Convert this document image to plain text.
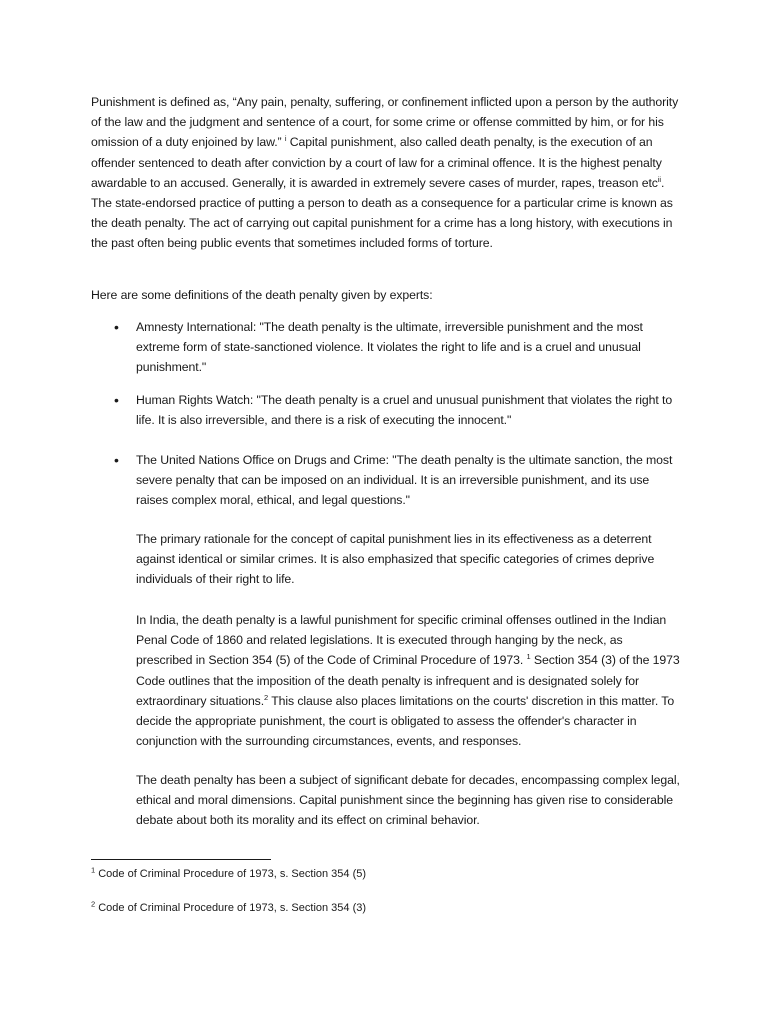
Punishment is defined as, “Any pain, penalty, suffering, or confinement inflicted upon a person by the authority of the law and the judgment and sentence of a court, for some crime or offense committed by him, or for his omission of a duty enjoined by law.” $^i$ Capital punishment, also called death penalty, is the execution of an offender sentenced to death after conviction by a court of law for a criminal offence. It is the highest penalty awardable to an accused. Generally, it is awarded in extremely severe cases of murder, rapes, treason etc$^{ii}$. The state-endorsed practice of putting a person to death as a consequence for a particular crime is known as the death penalty. The act of carrying out capital punishment for a crime has a long history, with executions in the past often being public events that sometimes included forms of torture.

Here are some definitions of the death penalty given by experts:

• Amnesty International: "The death penalty is the ultimate, irreversible punishment and the most extreme form of state-sanctioned violence. It violates the right to life and is a cruel and unusual punishment."

• Human Rights Watch: "The death penalty is a cruel and unusual punishment that violates the right to life. It is also irreversible, and there is a risk of executing the innocent."

• The United Nations Office on Drugs and Crime: "The death penalty is the ultimate sanction, the most severe penalty that can be imposed on an individual. It is an irreversible punishment, and its use raises complex moral, ethical, and legal questions."

The primary rationale for the concept of capital punishment lies in its effectiveness as a deterrent against identical or similar crimes. It is also emphasized that specific categories of crimes deprive individuals of their right to life.

In India, the death penalty is a lawful punishment for specific criminal offenses outlined in the Indian Penal Code of 1860 and related legislations. It is executed through hanging by the neck, as prescribed in Section 354 (5) of the Code of Criminal Procedure of 1973. $^1$ Section 354 (3) of the 1973 Code outlines that the imposition of the death penalty is infrequent and is designated solely for extraordinary situations.$^2$ This clause also places limitations on the courts' discretion in this matter. To decide the appropriate punishment, the court is obligated to assess the offender's character in conjunction with the surrounding circumstances, events, and responses.

The death penalty has been a subject of significant debate for decades, encompassing complex legal, ethical and moral dimensions. Capital punishment since the beginning has given rise to considerable debate about both its morality and its effect on criminal behavior.

$^1$ Code of Criminal Procedure of 1973, s. Section 354 (5)
$^2$ Code of Criminal Procedure of 1973, s. Section 354 (3)
